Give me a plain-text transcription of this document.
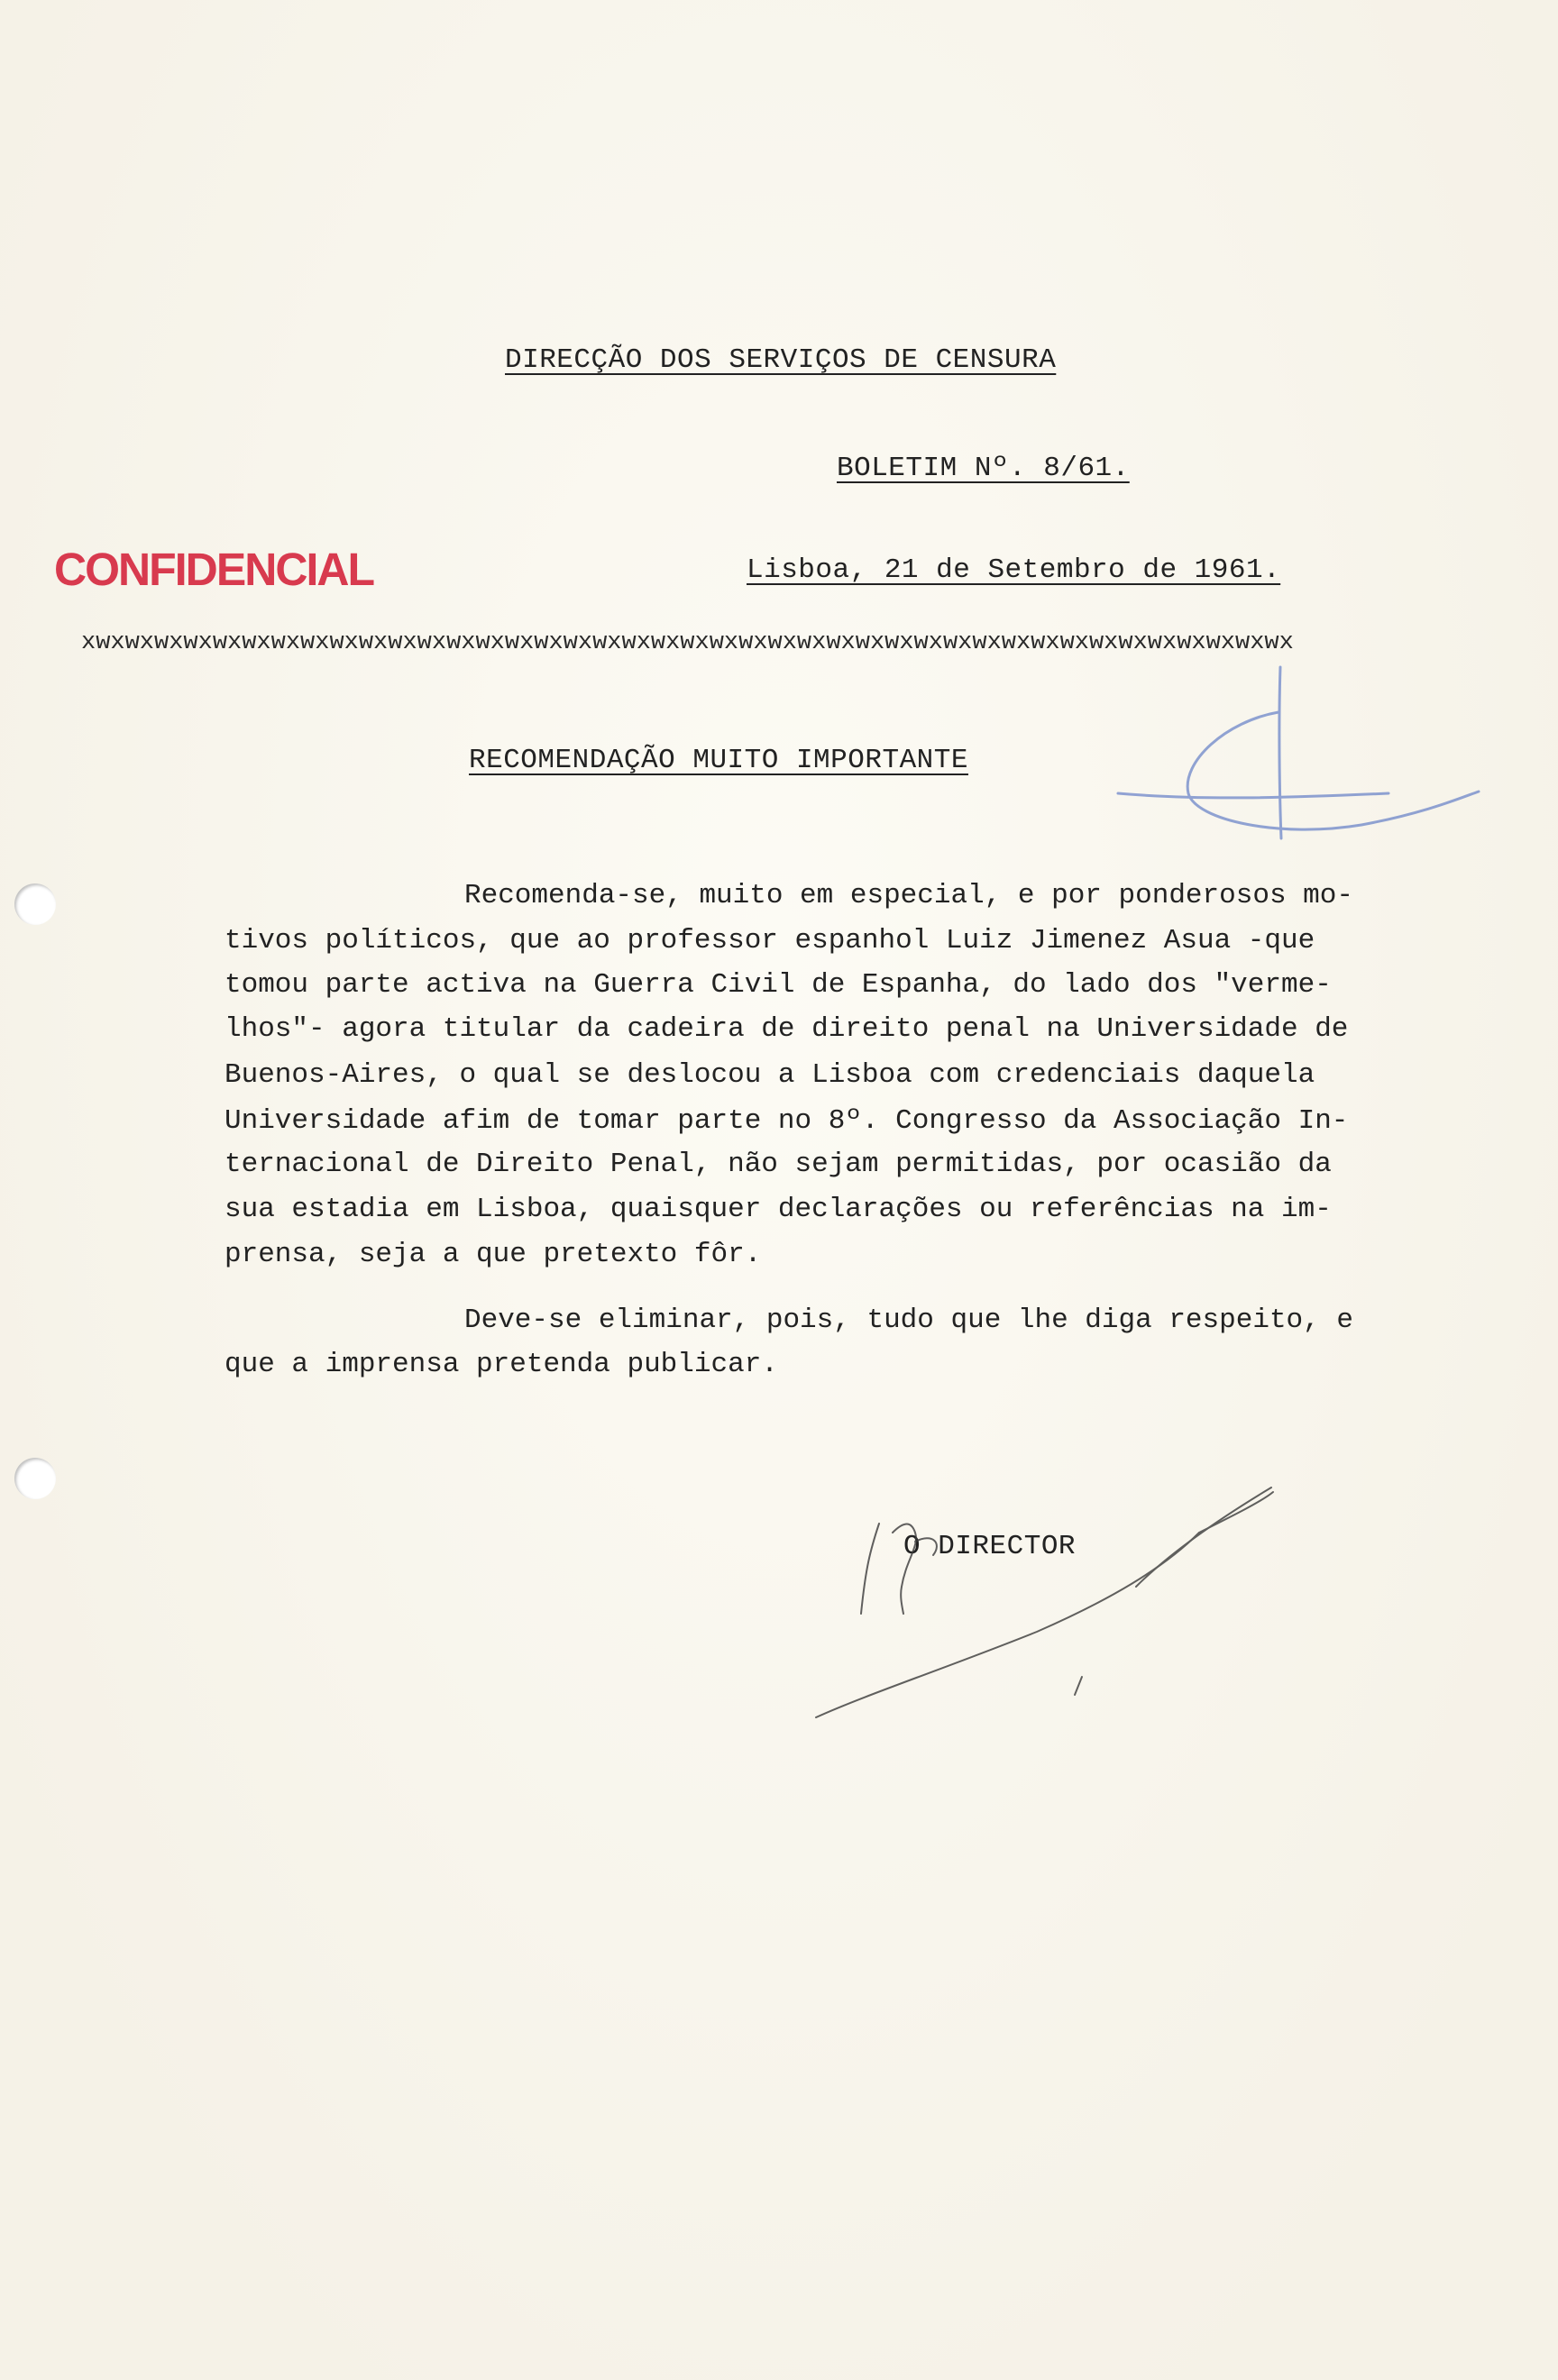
DIRECÇÃO DOS SERVIÇOS DE CENSURA
BOLETIM Nº. 8/61.
Lisboa, 21 de Setembro de 1961.
CONFIDENCIAL
xwxwxwxwxwxwxwxwxwxwxwxwxwxwxwxwxwxwxwxwxwxwxwxwxwxwxwxwxwxwxwxwxwxwxwxwxwxwxwxwxwx
RECOMENDAÇÃO MUITO IMPORTANTE
Recomenda-se, muito em especial, e por ponderosos mo-
tivos políticos, que ao professor espanhol Luiz Jimenez Asua -que
tomou parte activa na Guerra Civil de Espanha, do lado dos "verme-
lhos"- agora titular da cadeira de direito penal na Universidade de
Buenos-Aires, o qual se deslocou a Lisboa com credenciais daquela
Universidade afim de tomar parte no 8º. Congresso da Associação In-
ternacional de Direito Penal, não sejam permitidas, por ocasião da
sua estadia em Lisboa, quaisquer declarações ou referências na im-
prensa, seja a que pretexto fôr.
Deve-se eliminar, pois, tudo que lhe diga respeito, e
que a imprensa pretenda publicar.
O DIRECTOR
